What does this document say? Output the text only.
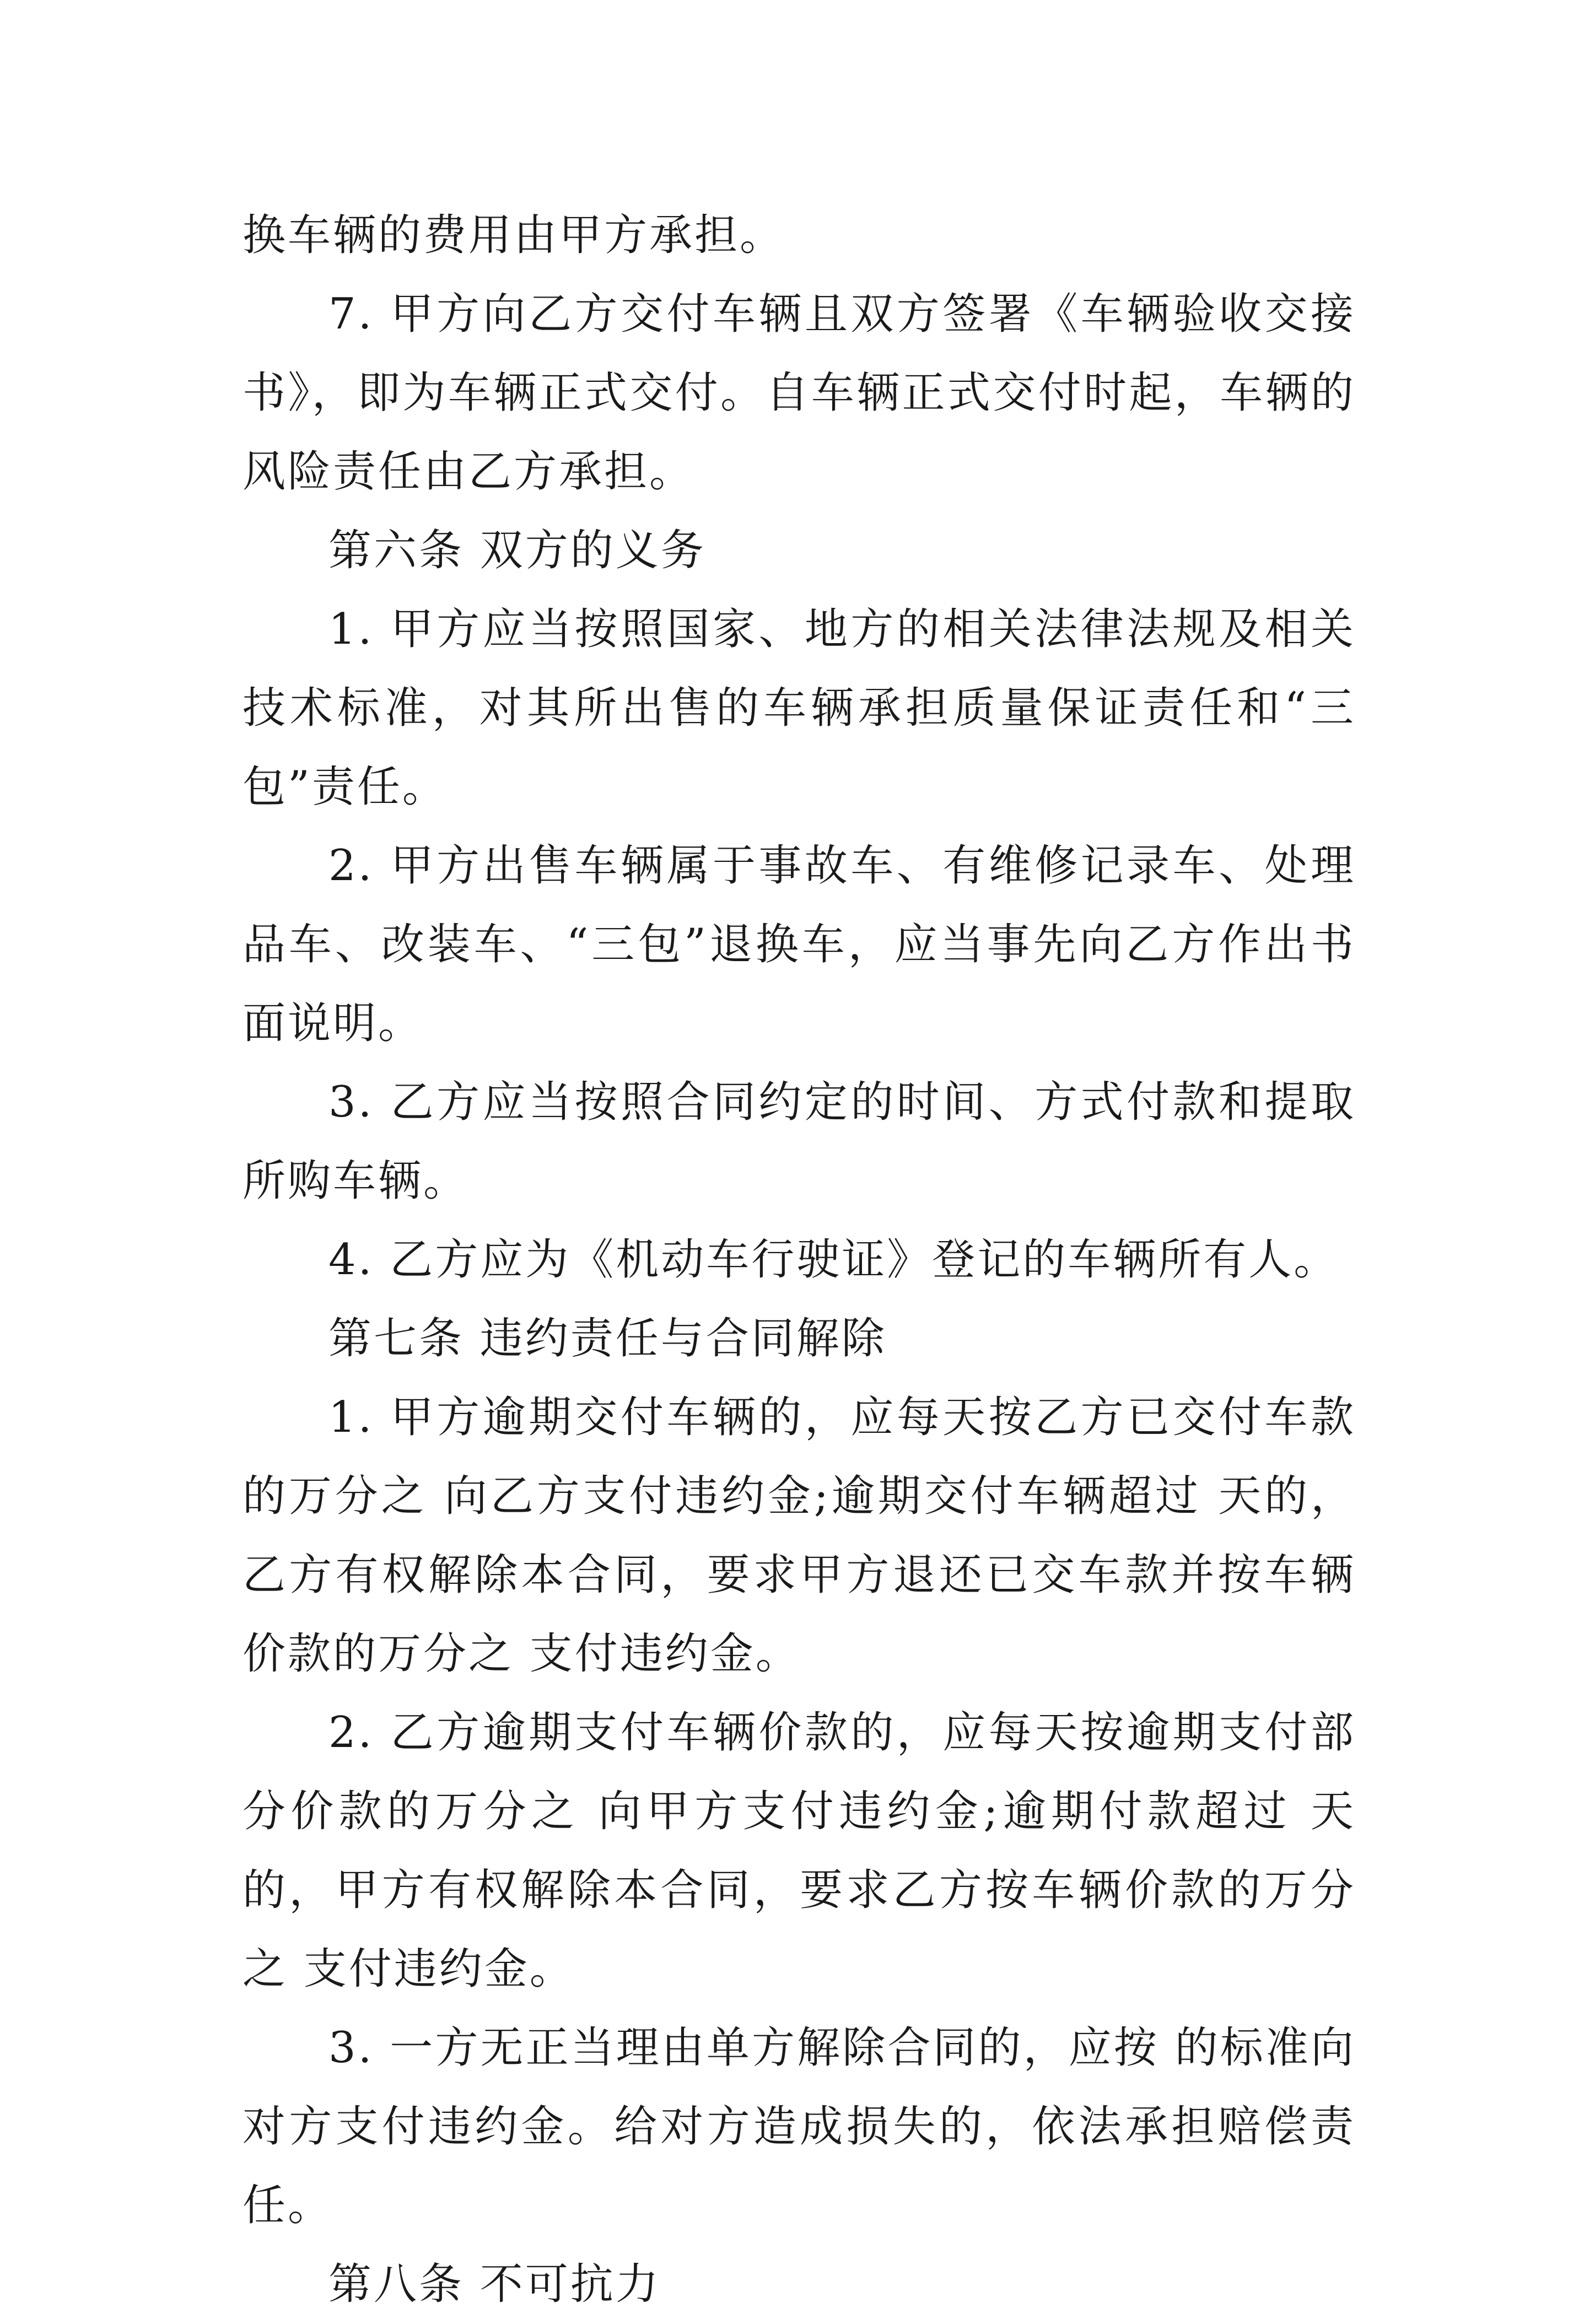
换车辆的费用由甲方承担。

7. 甲方向乙方交付车辆且双方签署《车辆验收交接书》，即为车辆正式交付。自车辆正式交付时起，车辆的风险责任由乙方承担。

第六条 双方的义务

1. 甲方应当按照国家、地方的相关法律法规及相关技术标准，对其所出售的车辆承担质量保证责任和“三包”责任。

2. 甲方出售车辆属于事故车、有维修记录车、处理品车、改装车、“三包”退换车，应当事先向乙方作出书面说明。

3. 乙方应当按照合同约定的时间、方式付款和提取所购车辆。

4. 乙方应为《机动车行驶证》登记的车辆所有人。

第七条 违约责任与合同解除

1. 甲方逾期交付车辆的，应每天按乙方已交付车款的万分之 向乙方支付违约金;逾期交付车辆超过 天的，乙方有权解除本合同，要求甲方退还已交车款并按车辆价款的万分之 支付违约金。

2. 乙方逾期支付车辆价款的，应每天按逾期支付部分价款的万分之 向甲方支付违约金;逾期付款超过 天的，甲方有权解除本合同，要求乙方按车辆价款的万分之 支付违约金。

3. 一方无正当理由单方解除合同的，应按 的标准向对方支付违约金。给对方造成损失的，依法承担赔偿责任。

第八条 不可抗力
